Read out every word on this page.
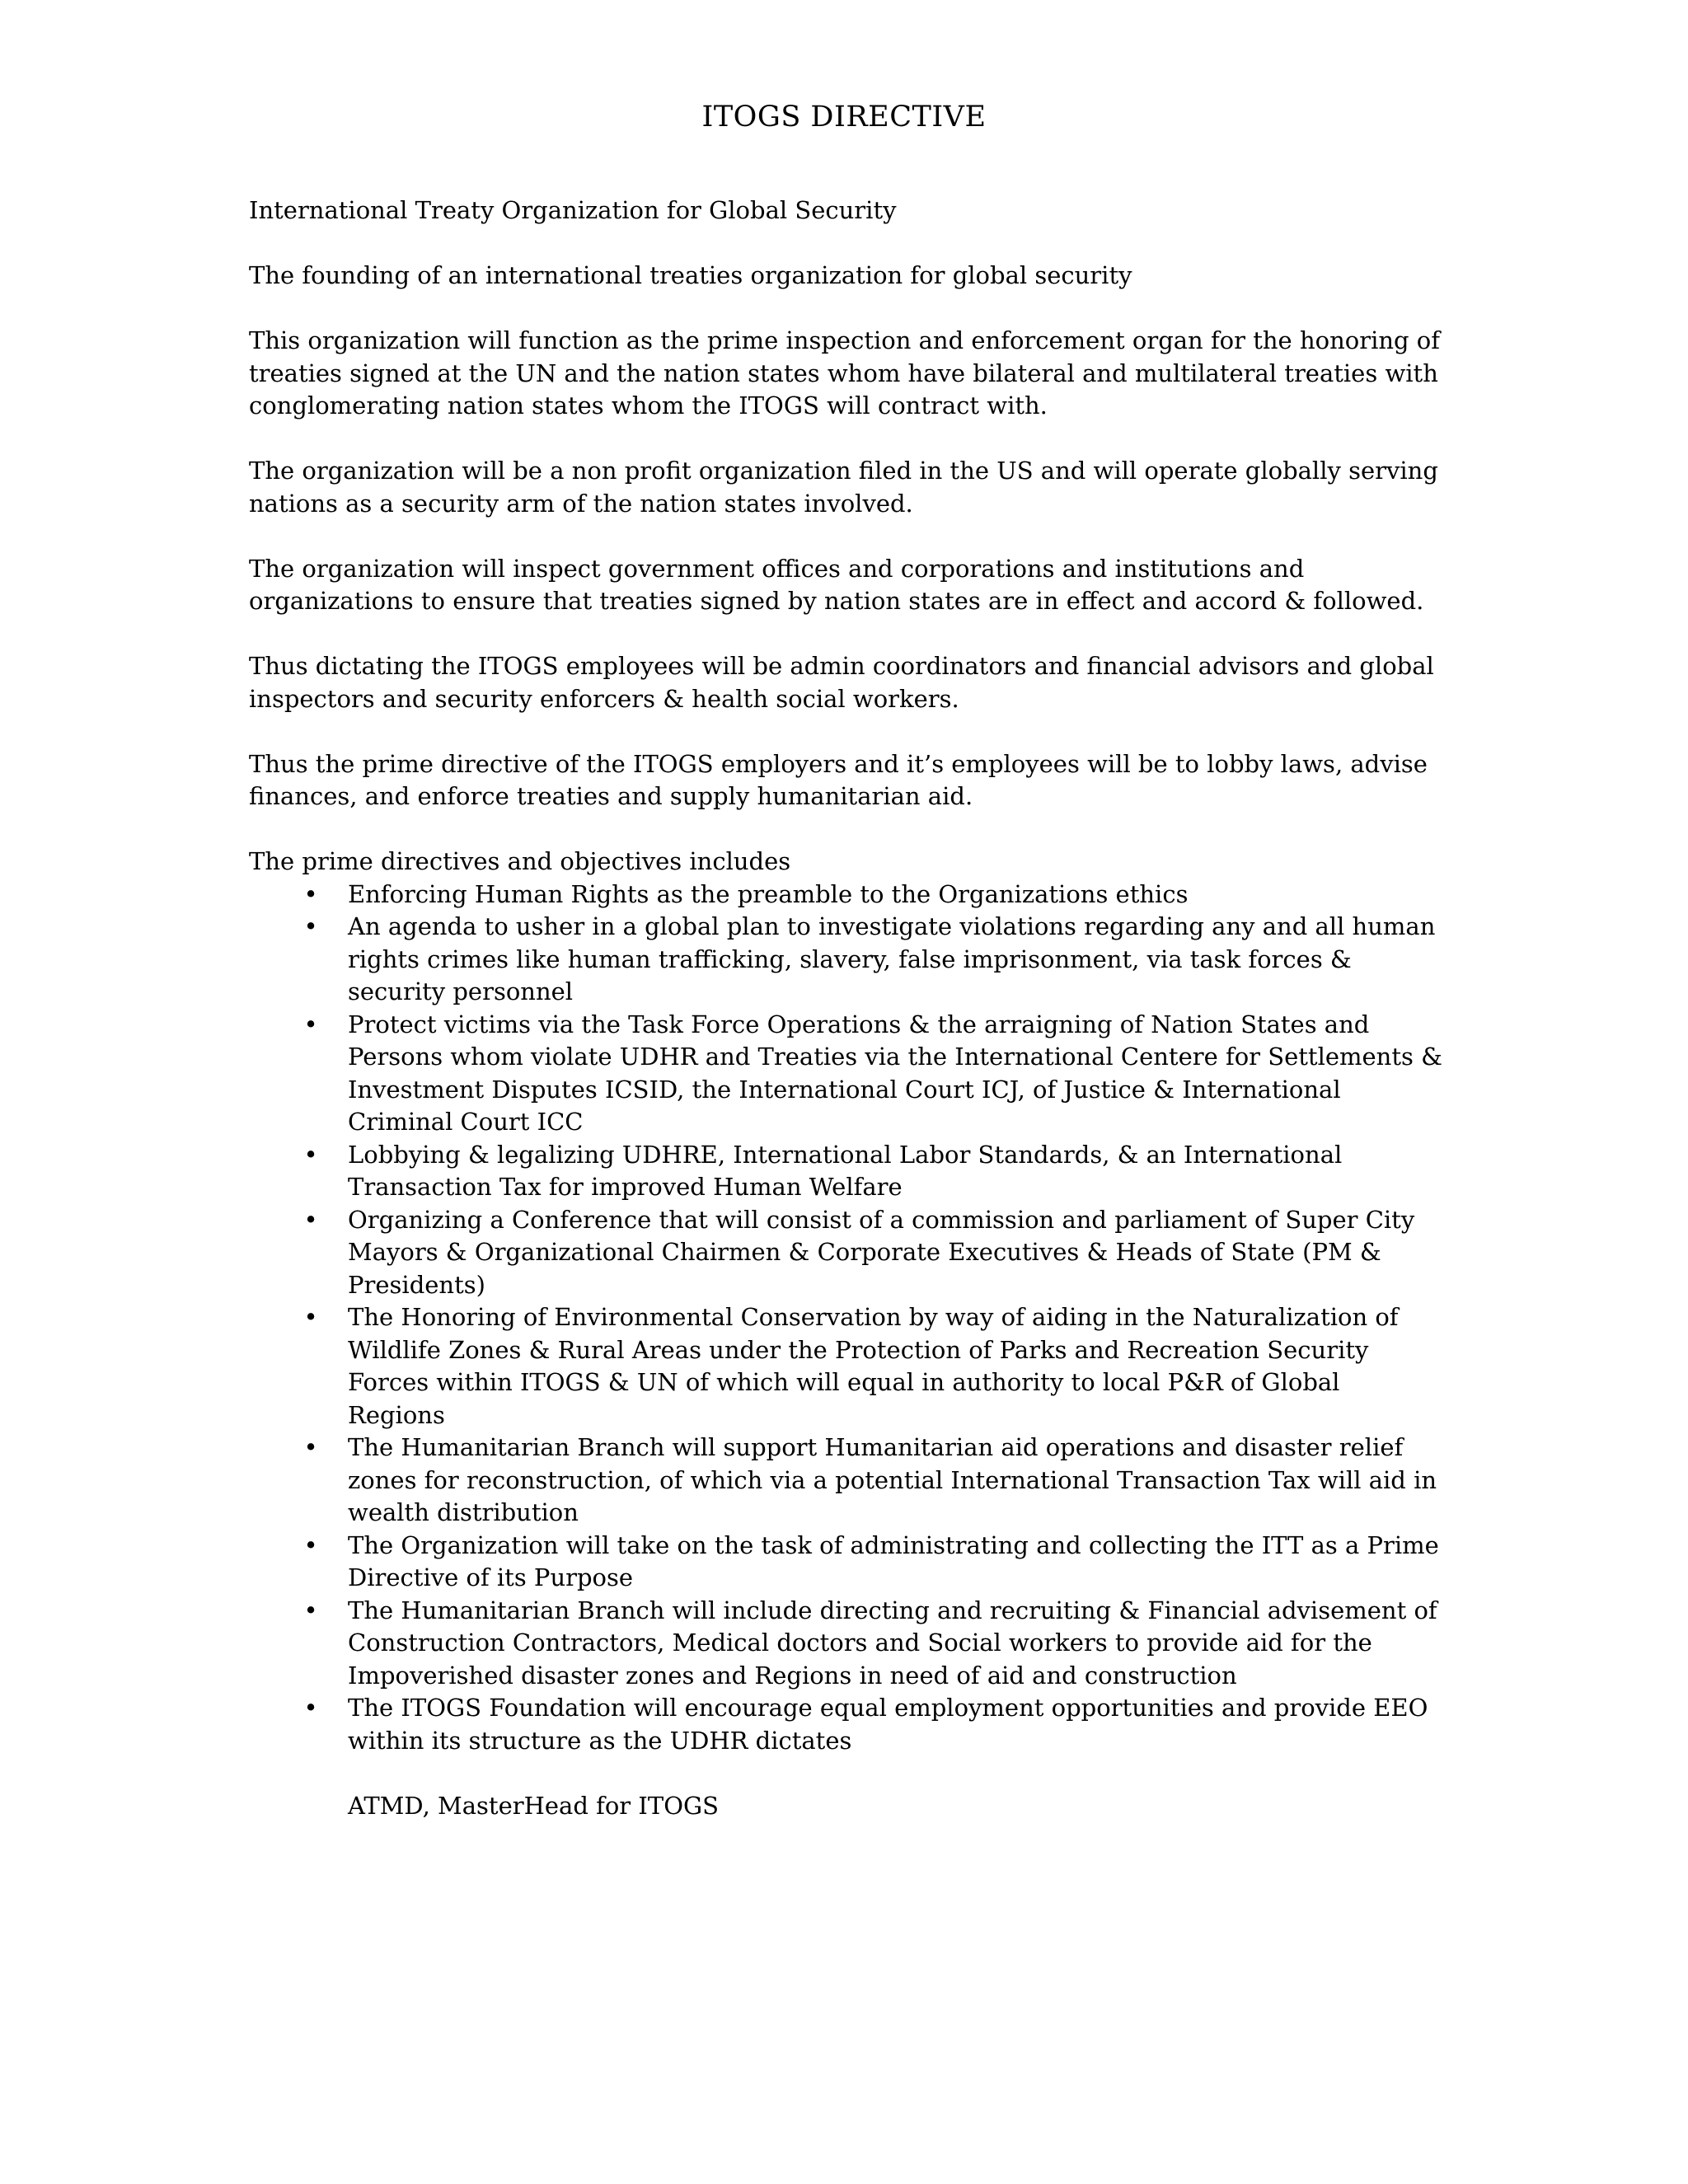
ITOGS DIRECTIVE

International Treaty Organization for Global Security

The founding of an international treaties organization for global security

This organization will function as the prime inspection and enforcement organ for the honoring of treaties signed at the UN and the nation states whom have bilateral and multilateral treaties with conglomerating nation states whom the ITOGS will contract with.

The organization will be a non profit organization filed in the US and will operate globally serving nations as a security arm of the nation states involved.

The organization will inspect government offices and corporations and institutions and organizations to ensure that treaties signed by nation states are in effect and accord & followed.

Thus dictating the ITOGS employees will be admin coordinators and financial advisors and global inspectors and security enforcers & health social workers.

Thus the prime directive of the ITOGS employers and it’s employees will be to lobby laws, advise finances, and enforce treaties and supply humanitarian aid.

The prime directives and objectives includes

• Enforcing Human Rights as the preamble to the Organizations ethics
• An agenda to usher in a global plan to investigate violations regarding any and all human rights crimes like human trafficking, slavery, false imprisonment, via task forces & security personnel
• Protect victims via the Task Force Operations & the arraigning of Nation States and Persons whom violate UDHR and Treaties via the International Centere for Settlements & Investment Disputes ICSID, the International Court ICJ, of Justice & International Criminal Court ICC
• Lobbying & legalizing UDHRE, International Labor Standards, & an International Transaction Tax for improved Human Welfare
• Organizing a Conference that will consist of a commission and parliament of Super City Mayors & Organizational Chairmen & Corporate Executives & Heads of State (PM & Presidents)
• The Honoring of Environmental Conservation by way of aiding in the Naturalization of Wildlife Zones & Rural Areas under the Protection of Parks and Recreation Security Forces within ITOGS & UN of which will equal in authority to local P&R of Global Regions
• The Humanitarian Branch will support Humanitarian aid operations and disaster relief zones for reconstruction, of which via a potential International Transaction Tax will aid in wealth distribution
• The Organization will take on the task of administrating and collecting the ITT as a Prime Directive of its Purpose
• The Humanitarian Branch will include directing and recruiting & Financial advisement of Construction Contractors, Medical doctors and Social workers to provide aid for the Impoverished disaster zones and Regions in need of aid and construction
• The ITOGS Foundation will encourage equal employment opportunities and provide EEO within its structure as the UDHR dictates

ATMD, MasterHead for ITOGS
